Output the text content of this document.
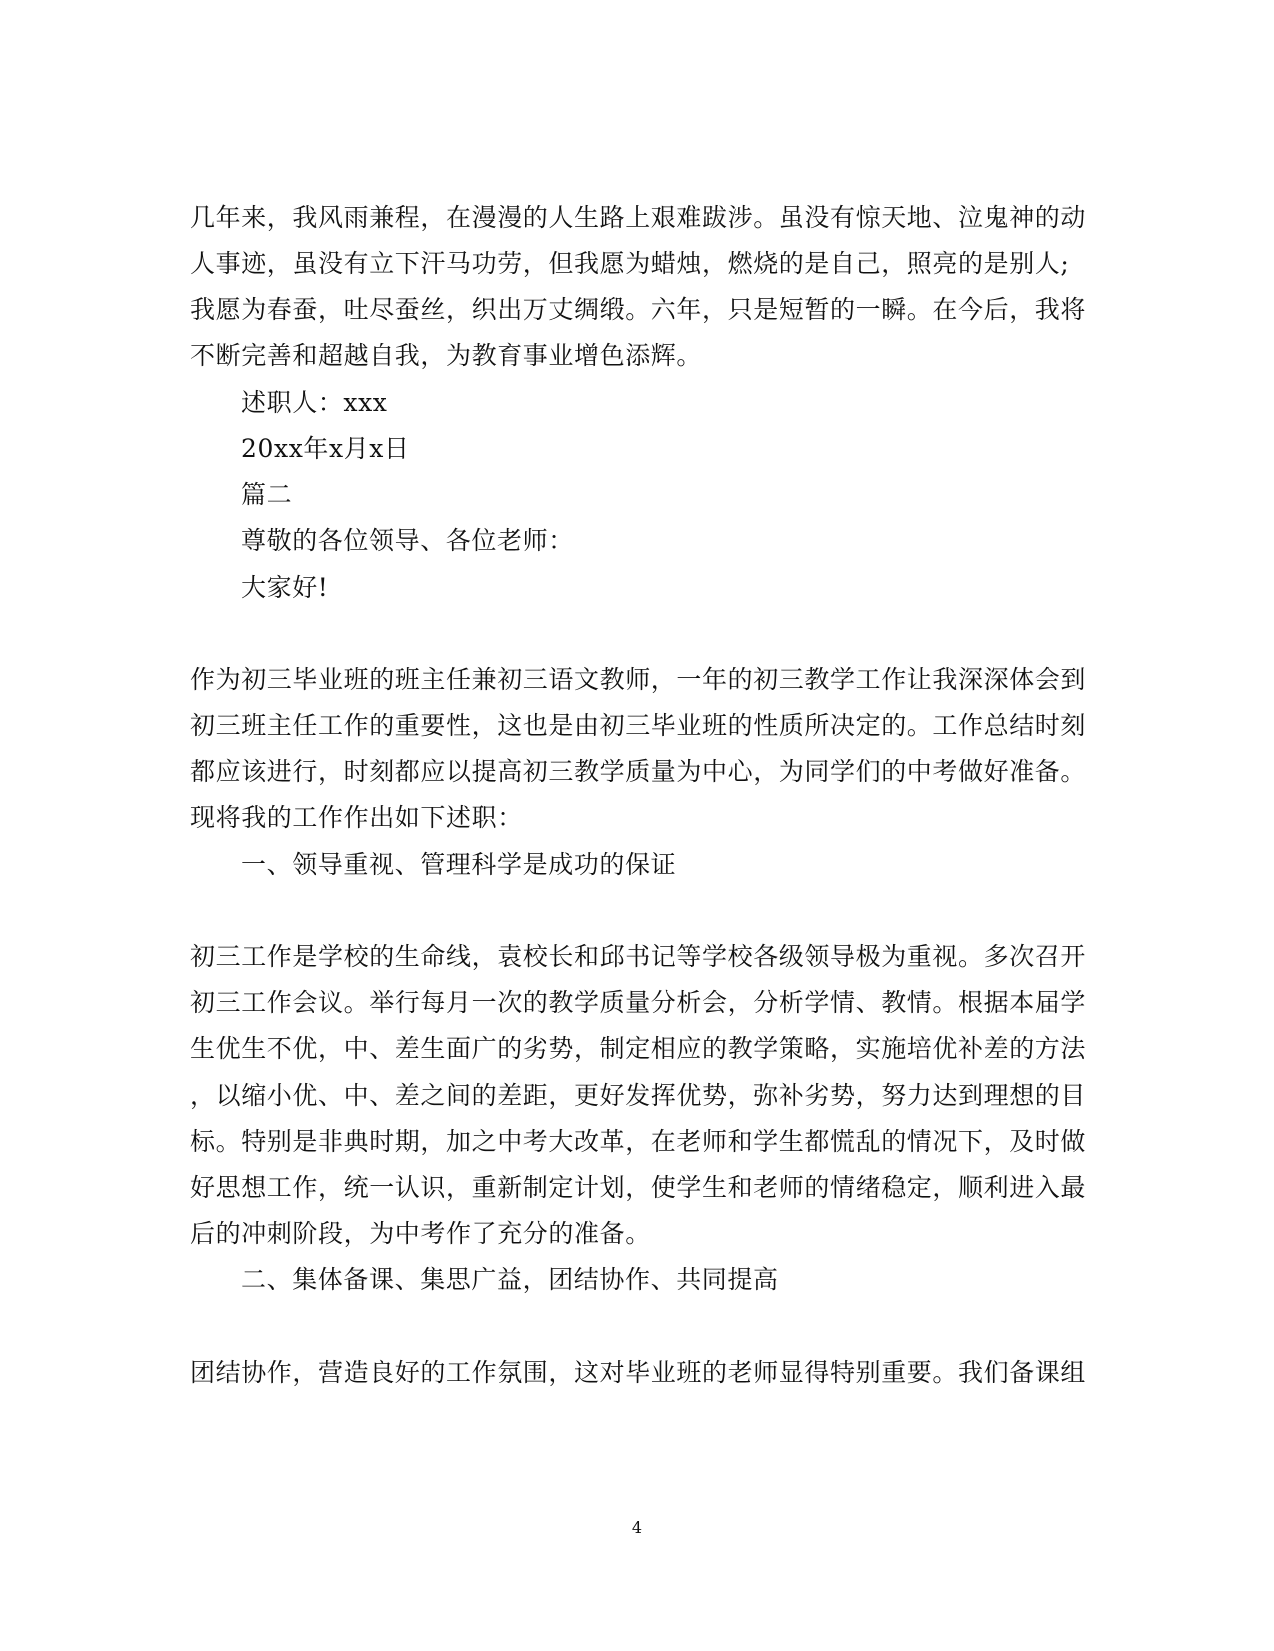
几年来，我风雨兼程，在漫漫的人生路上艰难跋涉。虽没有惊天地、泣鬼神的动
人事迹，虽没有立下汗马功劳，但我愿为蜡烛，燃烧的是自己，照亮的是别人;
我愿为春蚕，吐尽蚕丝，织出万丈绸缎。六年，只是短暂的一瞬。在今后，我将
不断完善和超越自我，为教育事业增色添辉。
述职人：xxx
20xx年x月x日
篇二
尊敬的各位领导、各位老师：
大家好!
作为初三毕业班的班主任兼初三语文教师，一年的初三教学工作让我深深体会到
初三班主任工作的重要性，这也是由初三毕业班的性质所决定的。工作总结时刻
都应该进行，时刻都应以提高初三教学质量为中心，为同学们的中考做好准备。
现将我的工作作出如下述职：
一、领导重视、管理科学是成功的保证
初三工作是学校的生命线，袁校长和邱书记等学校各级领导极为重视。多次召开
初三工作会议。举行每月一次的教学质量分析会，分析学情、教情。根据本届学
生优生不优，中、差生面广的劣势，制定相应的教学策略，实施培优补差的方法
，以缩小优、中、差之间的差距，更好发挥优势，弥补劣势，努力达到理想的目
标。特别是非典时期，加之中考大改革，在老师和学生都慌乱的情况下，及时做
好思想工作，统一认识，重新制定计划，使学生和老师的情绪稳定，顺利进入最
后的冲刺阶段，为中考作了充分的准备。
二、集体备课、集思广益，团结协作、共同提高
团结协作，营造良好的工作氛围，这对毕业班的老师显得特别重要。我们备课组
4
